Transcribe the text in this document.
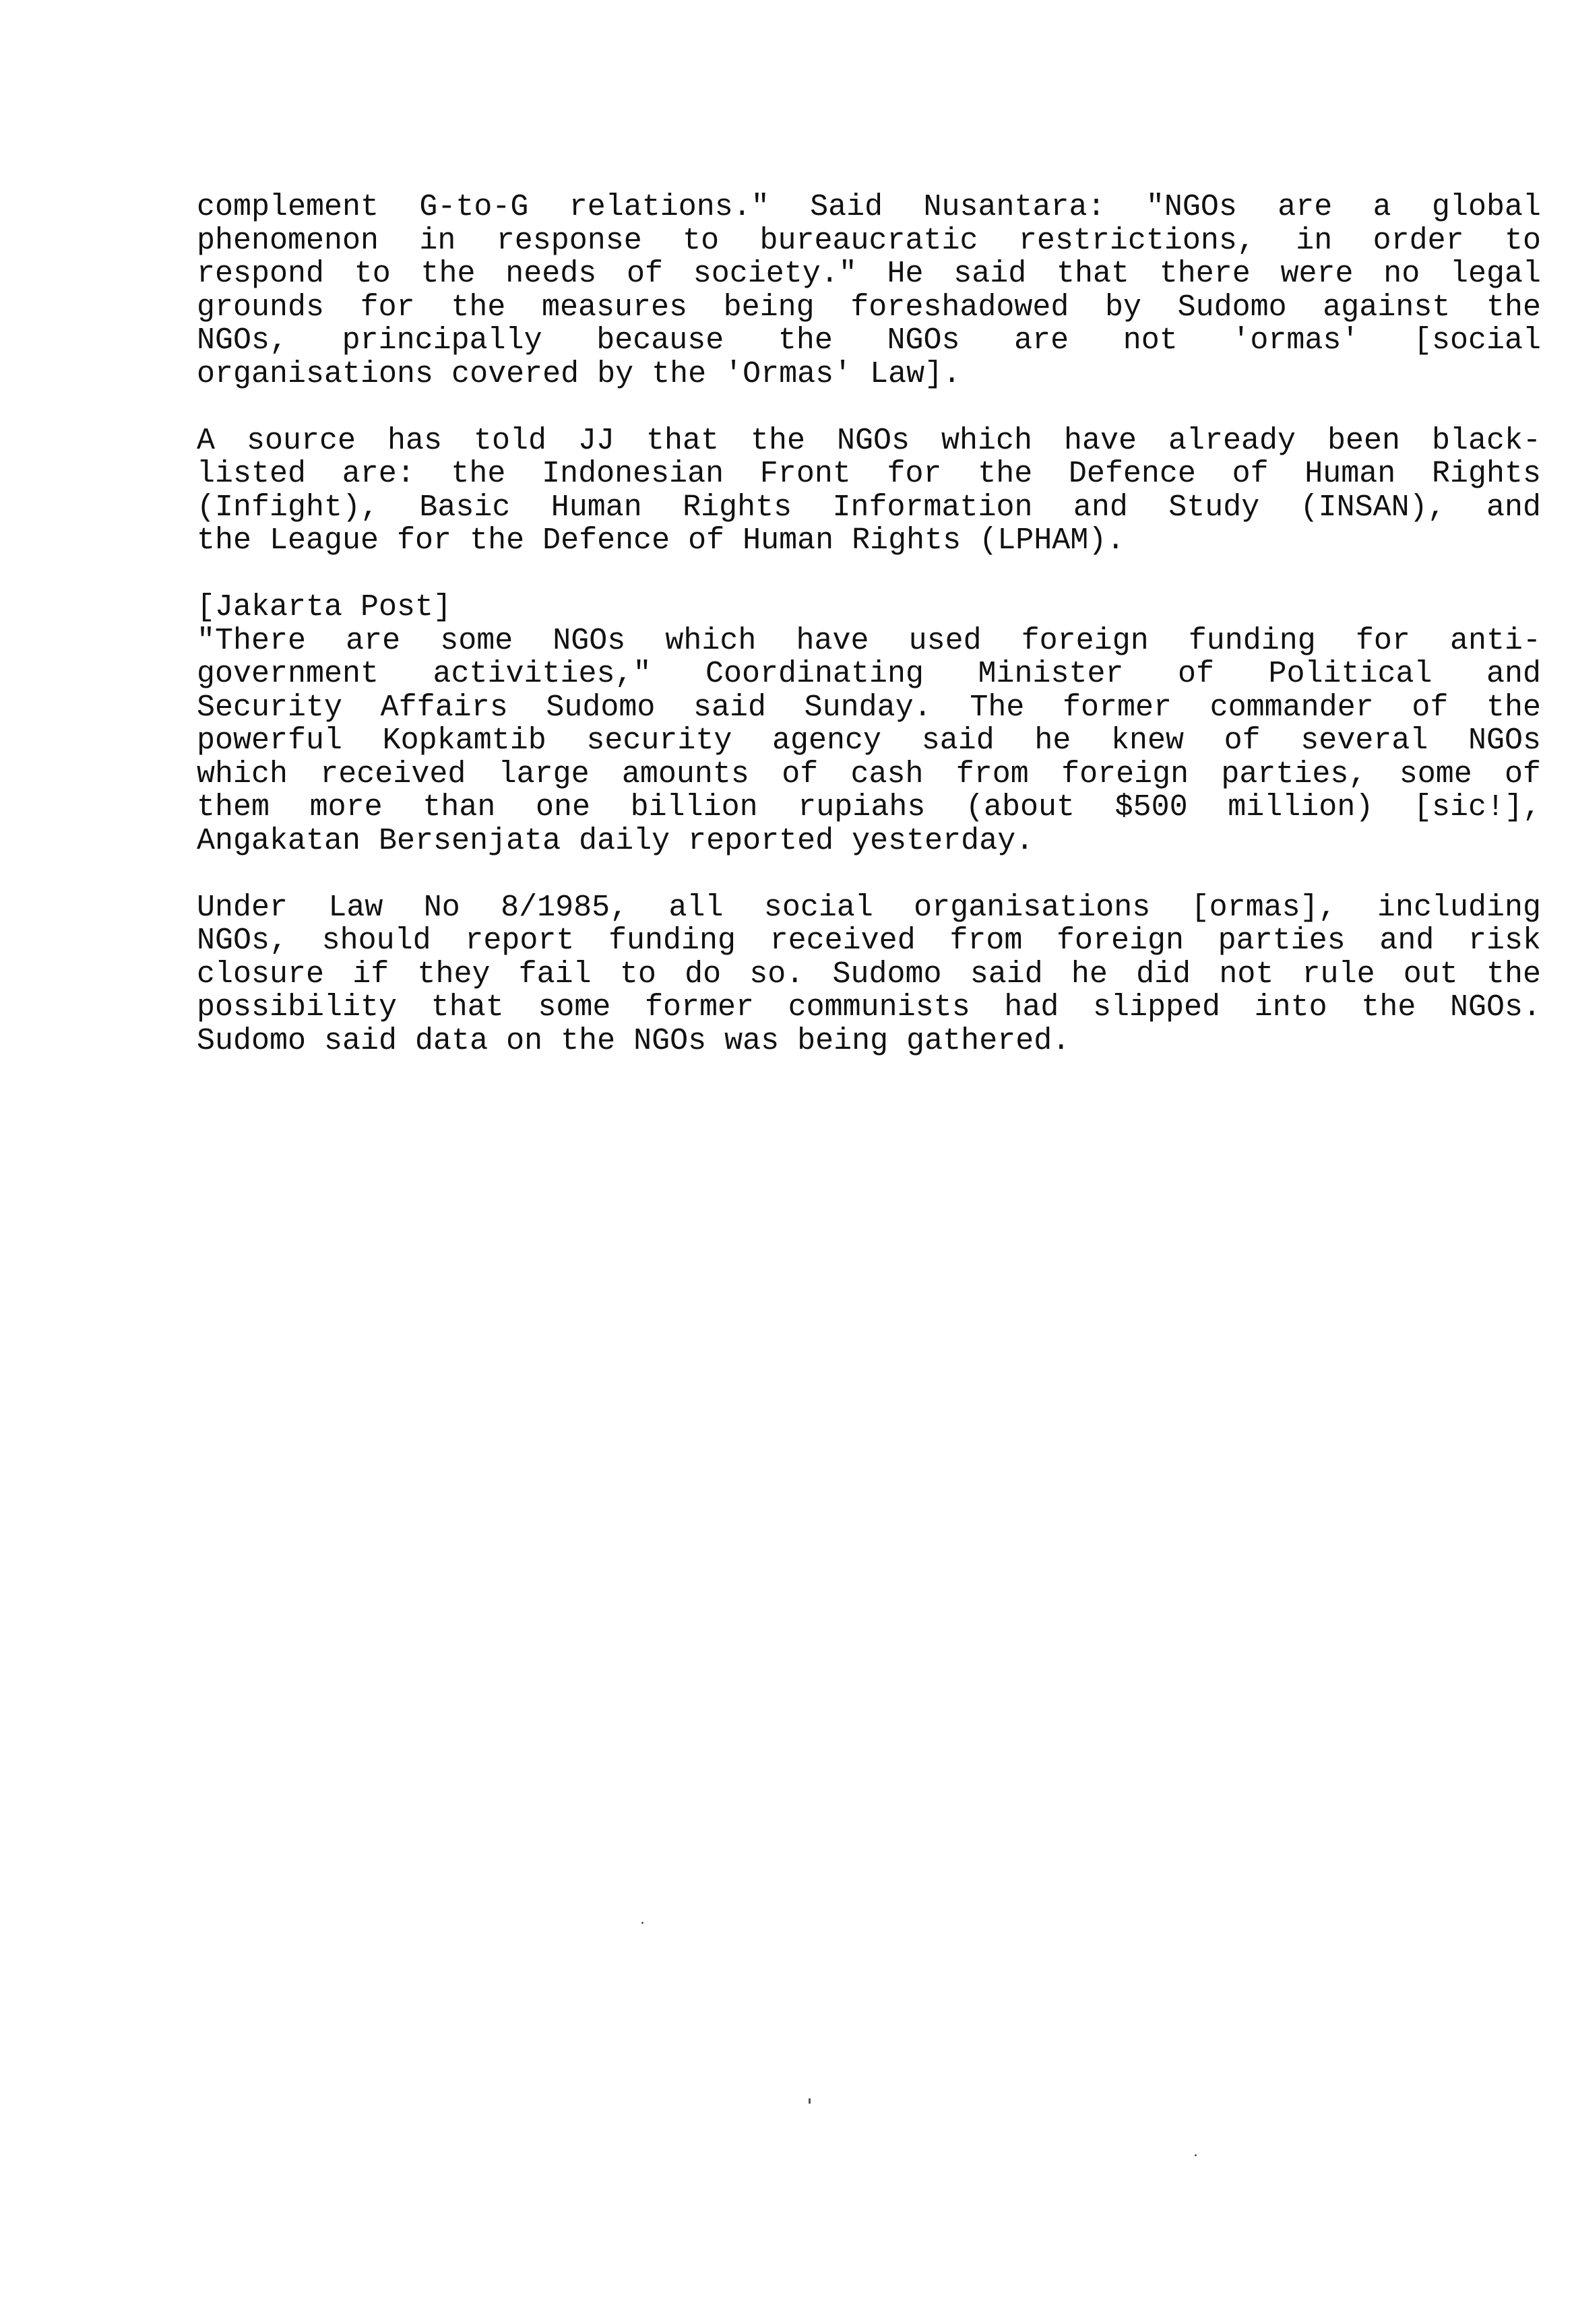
complement G-to-G relations." Said Nusantara: "NGOs are a global
phenomenon in response to bureaucratic restrictions, in order to
respond to the needs of society." He said that there were no legal
grounds for the measures being foreshadowed by Sudomo against the
NGOs, principally because the NGOs are not 'ormas' [social
organisations covered by the 'Ormas' Law].

A source has told JJ that the NGOs which have already been black-
listed are: the Indonesian Front for the Defence of Human Rights
(Infight), Basic Human Rights Information and Study (INSAN), and
the League for the Defence of Human Rights (LPHAM).

[Jakarta Post]
"There are some NGOs which have used foreign funding for anti-
government activities," Coordinating Minister of Political and
Security Affairs Sudomo said Sunday. The former commander of the
powerful Kopkamtib security agency said he knew of several NGOs
which received large amounts of cash from foreign parties, some of
them more than one billion rupiahs (about $500 million) [sic!],
Angakatan Bersenjata daily reported yesterday.

Under Law No 8/1985, all social organisations [ormas], including
NGOs, should report funding received from foreign parties and risk
closure if they fail to do so. Sudomo said he did not rule out the
possibility that some former communists had slipped into the NGOs.
Sudomo said data on the NGOs was being gathered.
